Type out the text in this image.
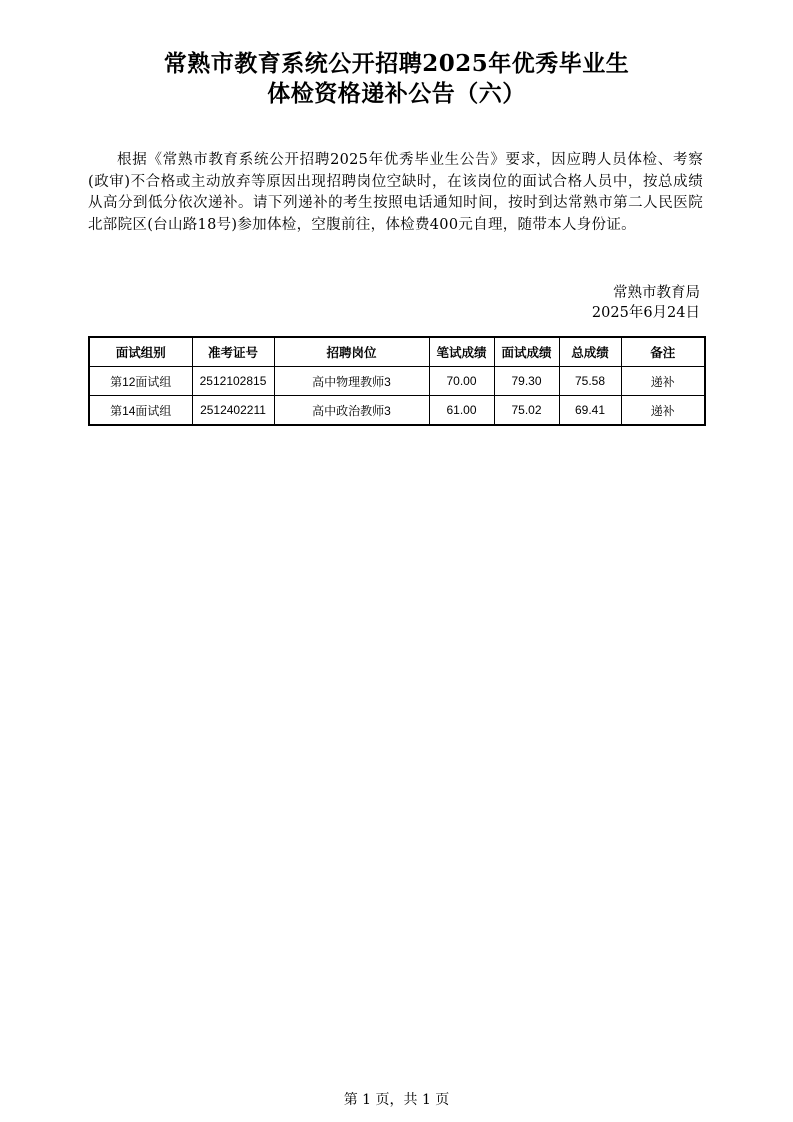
常熟市教育系统公开招聘2025年优秀毕业生
体检资格递补公告（六）
根据《常熟市教育系统公开招聘2025年优秀毕业生公告》要求，因应聘人员体检、考察(政审)不合格或主动放弃等原因出现招聘岗位空缺时，在该岗位的面试合格人员中，按总成绩从高分到低分依次递补。请下列递补的考生按照电话通知时间，按时到达常熟市第二人民医院北部院区(台山路18号)参加体检，空腹前往，体检费400元自理，随带本人身份证。
常熟市教育局
2025年6月24日
面试组别	准考证号	招聘岗位	笔试成绩	面试成绩	总成绩	备注
第12面试组	2512102815	高中物理教师3	70.00	79.30	75.58	递补
第14面试组	2512402211	高中政治教师3	61.00	75.02	69.41	递补
第 1 页，共 1 页
